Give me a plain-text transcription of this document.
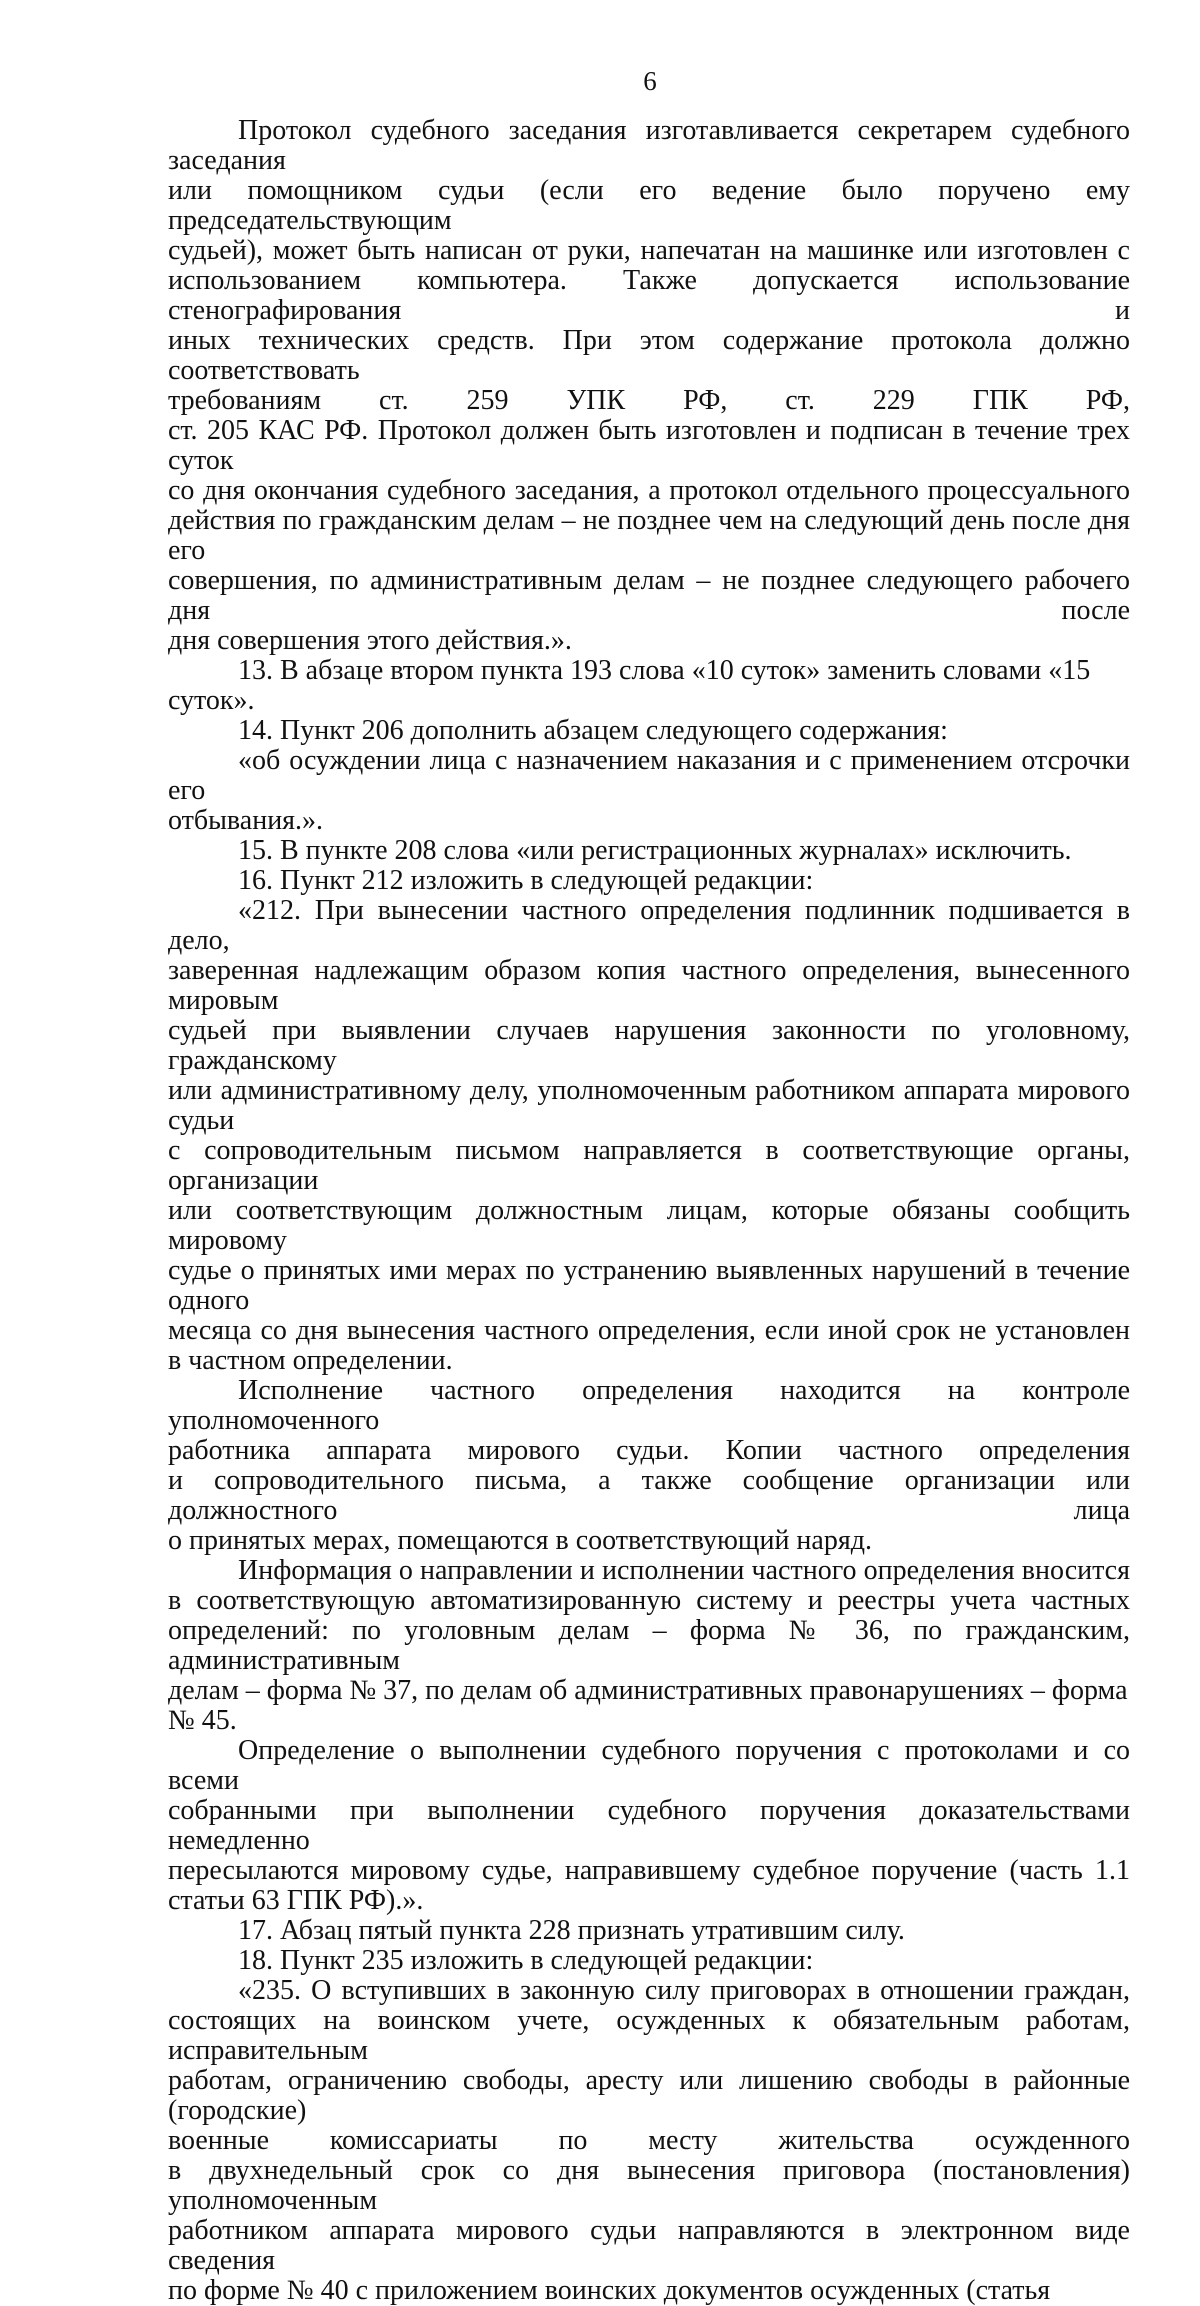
6

Протокол судебного заседания изготавливается секретарем судебного заседания

или помощником судьи (если его ведение было поручено ему председательствующим

судьей), может быть написан от руки, напечатан на машинке или изготовлен с

использованием компьютера. Также допускается использование стенографирования и

иных технических средств. При этом содержание протокола должно соответствовать

требованиям ст. 259 УПК РФ, ст. 229 ГПК РФ,

ст. 205 КАС РФ. Протокол должен быть изготовлен и подписан в течение трех суток

со дня окончания судебного заседания, а протокол отдельного процессуального

действия по гражданским делам – не позднее чем на следующий день после дня его

совершения, по административным делам – не позднее следующего рабочего дня после

дня совершения этого действия.».

13. В абзаце втором пункта 193 слова «10 суток» заменить словами «15 суток».

14. Пункт 206 дополнить абзацем следующего содержания:

«об осуждении лица с назначением наказания и с применением отсрочки его

отбывания.».

15. В пункте 208 слова «или регистрационных журналах» исключить.

16. Пункт 212 изложить в следующей редакции:

«212. При вынесении частного определения подлинник подшивается в дело,

заверенная надлежащим образом копия частного определения, вынесенного мировым

судьей при выявлении случаев нарушения законности по уголовному, гражданскому

или административному делу, уполномоченным работником аппарата мирового судьи

с сопроводительным письмом направляется в соответствующие органы, организации

или соответствующим должностным лицам, которые обязаны сообщить мировому

судье о принятых ими мерах по устранению выявленных нарушений в течение одного

месяца со дня вынесения частного определения, если иной срок не установлен

в частном определении.

Исполнение частного определения находится на контроле уполномоченного

работника аппарата мирового судьи. Копии частного определения

и сопроводительного письма, а также сообщение организации или должностного лица

о принятых мерах, помещаются в соответствующий наряд.

Информация о направлении и исполнении частного определения вносится

в соответствующую автоматизированную систему и реестры учета частных

определений: по уголовным делам – форма № 36, по гражданским, административным

делам – форма № 37, по делам об административных правонарушениях – форма № 45.

Определение о выполнении судебного поручения с протоколами и со всеми

собранными при выполнении судебного поручения доказательствами немедленно

пересылаются мировому судье, направившему судебное поручение (часть 1.1

статьи 63 ГПК РФ).».

17. Абзац пятый пункта 228 признать утратившим силу.

18. Пункт 235 изложить в следующей редакции:

«235. О вступивших в законную силу приговорах в отношении граждан,

состоящих на воинском учете, осужденных к обязательным работам, исправительным

работам, ограничению свободы, аресту или лишению свободы в районные (городские)

военные комиссариаты по месту жительства осужденного

в двухнедельный срок со дня вынесения приговора (постановления) уполномоченным

работником аппарата мирового судьи направляются в электронном виде сведения

по форме № 40 с приложением воинских документов осужденных (статья
